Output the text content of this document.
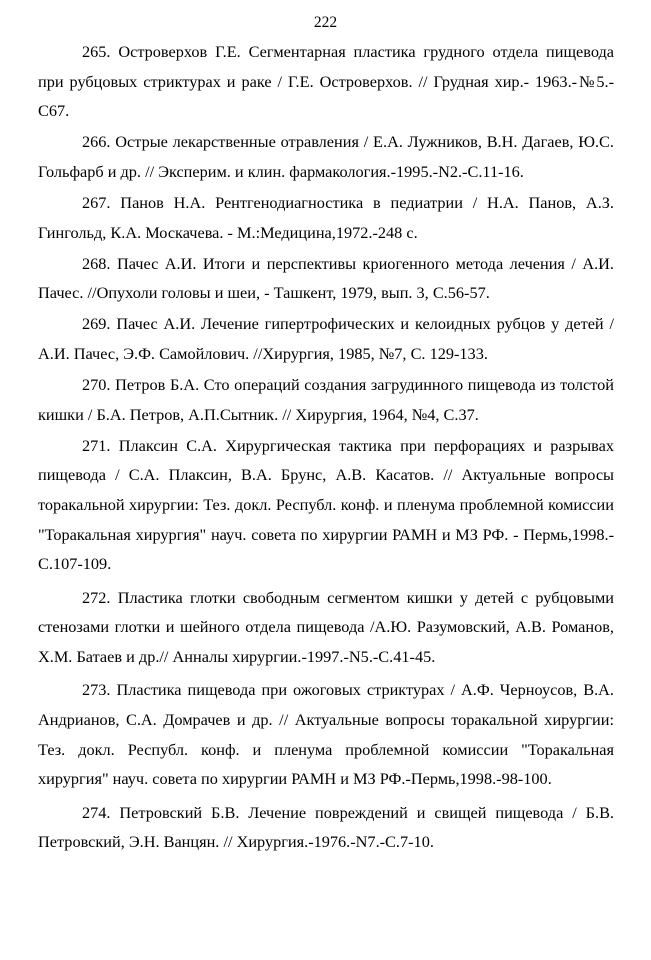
222

265. Островерхов Г.Е. Сегментарная пластика грудного отдела пищевода при рубцовых стриктурах и раке / Г.Е. Островерхов. // Грудная хир.- 1963.-№5.-С67.

266. Острые лекарственные отравления / Е.А. Лужников, В.Н. Дагаев, Ю.С. Гольфарб и др. // Эксперим. и клин. фармакология.-1995.-N2.-С.11-16.

267. Панов Н.А. Рентгенодиагностика в педиатрии / Н.А. Панов, А.З. Гингольд, К.А. Москачева. - М.:Медицина,1972.-248 с.

268. Пачес А.И. Итоги и перспективы криогенного метода лечения / А.И. Пачес. //Опухоли головы и шеи, - Ташкент, 1979, вып. 3, С.56-57.

269. Пачес А.И. Лечение гипертрофических и келоидных рубцов у детей / А.И. Пачес, Э.Ф. Самойлович. //Хирургия, 1985, №7, С. 129-133.

270. Петров Б.А. Сто операций создания загрудинного пищевода из толстой кишки / Б.А. Петров, А.П.Сытник. // Хирургия, 1964, №4, С.37.

271. Плаксин С.А. Хирургическая тактика при перфорациях и разрывах пищевода / С.А. Плаксин, В.А. Брунс, А.В. Касатов. // Актуальные вопросы торакальной хирургии: Тез. докл. Республ. конф. и пленума проблемной комиссии "Торакальная хирургия" науч. совета по хирургии РАМН и МЗ РФ. - Пермь,1998.-С.107-109.

272. Пластика глотки свободным сегментом кишки у детей с рубцовыми стенозами глотки и шейного отдела пищевода /А.Ю. Разумовский, А.В. Романов, Х.М. Батаев и др.// Анналы хирургии.-1997.-N5.-С.41-45.

273. Пластика пищевода при ожоговых стриктурах / А.Ф. Черноусов, В.А. Андрианов, С.А. Домрачев и др. // Актуальные вопросы торакальной хирургии: Тез. докл. Республ. конф. и пленума проблемной комиссии "Торакальная хирургия" науч. совета по хирургии РАМН и МЗ РФ.-Пермь,1998.-98-100.

274. Петровский Б.В. Лечение повреждений и свищей пищевода / Б.В. Петровский, Э.Н. Ванцян. // Хирургия.-1976.-N7.-С.7-10.
